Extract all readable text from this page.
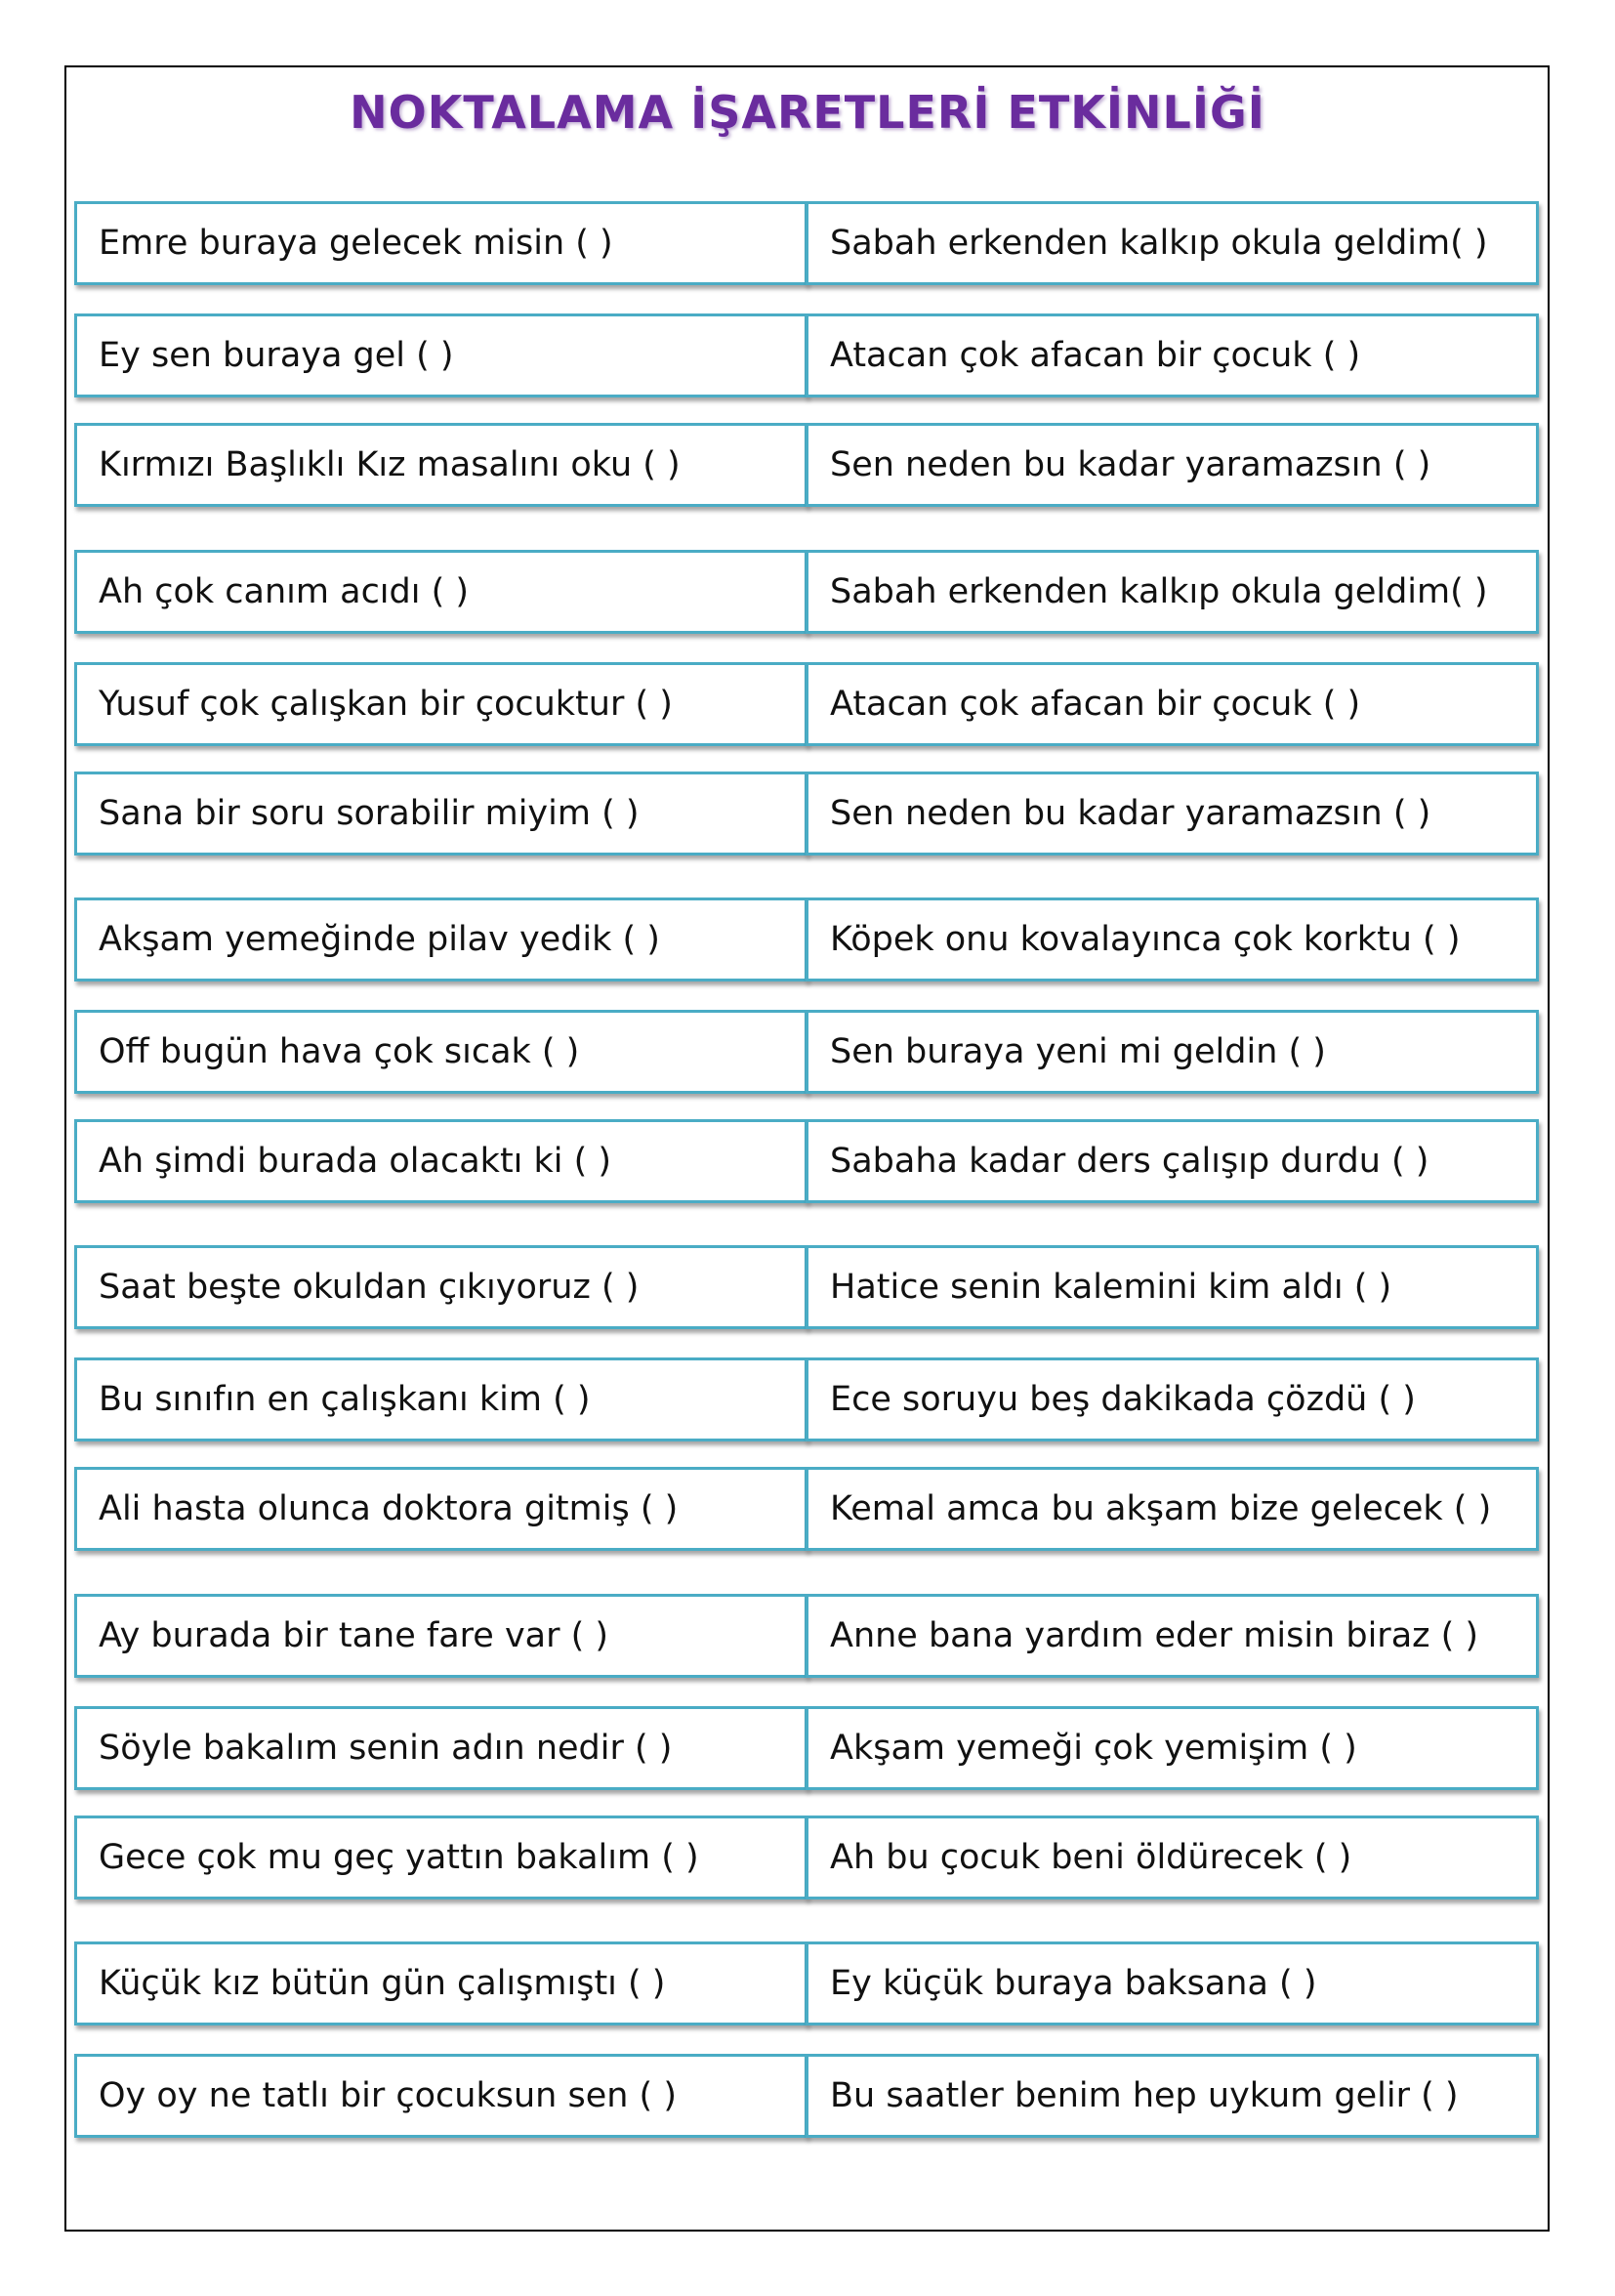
NOKTALAMA İŞARETLERİ ETKİNLİĞİ
Emre buraya gelecek misin ( )	Sabah erkenden kalkıp okula geldim( )
Ey sen buraya gel ( )	Atacan çok afacan bir çocuk ( )
Kırmızı Başlıklı Kız masalını oku ( )	Sen neden bu kadar yaramazsın ( )
Ah çok canım acıdı ( )	Sabah erkenden kalkıp okula geldim( )
Yusuf çok çalışkan bir çocuktur ( )	Atacan çok afacan bir çocuk ( )
Sana bir soru sorabilir miyim ( )	Sen neden bu kadar yaramazsın ( )
Akşam yemeğinde pilav yedik ( )	Köpek onu kovalayınca çok korktu ( )
Off bugün hava çok sıcak ( )	Sen buraya yeni mi geldin ( )
Ah şimdi burada olacaktı ki ( )	Sabaha kadar ders çalışıp durdu ( )
Saat beşte okuldan çıkıyoruz ( )	Hatice senin kalemini kim aldı ( )
Bu sınıfın en çalışkanı kim ( )	Ece soruyu beş dakikada çözdü ( )
Ali hasta olunca doktora gitmiş ( )	Kemal amca bu akşam bize gelecek ( )
Ay burada bir tane fare var ( )	Anne bana yardım eder misin biraz ( )
Söyle bakalım senin adın nedir ( )	Akşam yemeği çok yemişim ( )
Gece çok mu geç yattın bakalım ( )	Ah bu çocuk beni öldürecek ( )
Küçük kız bütün gün çalışmıştı ( )	Ey küçük buraya baksana ( )
Oy oy ne tatlı bir çocuksun sen ( )	Bu saatler benim hep uykum gelir ( )
